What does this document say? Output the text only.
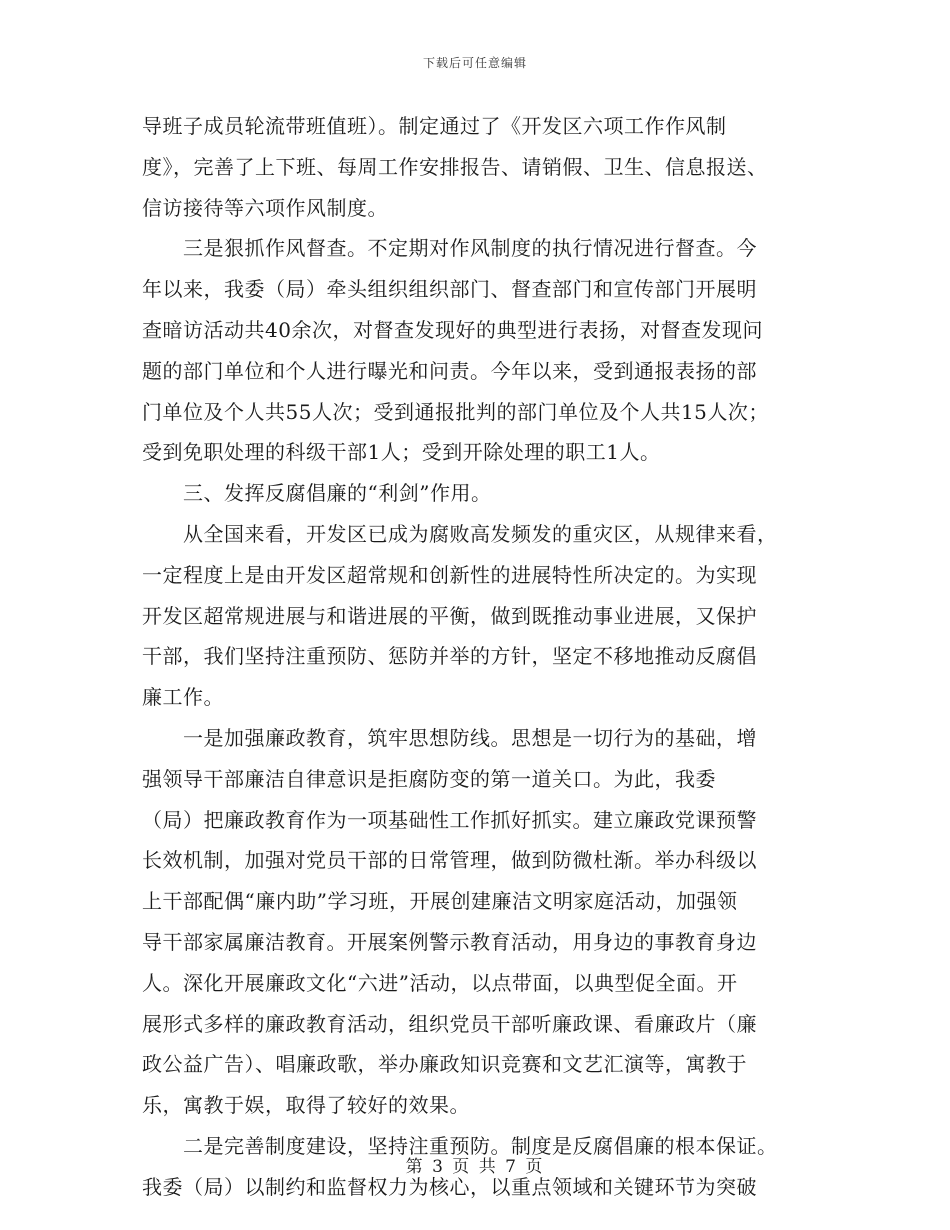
下载后可任意编辑
导班子成员轮流带班值班）。制定通过了《开发区六项工作作风制
度》，完善了上下班、每周工作安排报告、请销假、卫生、信息报送、
信访接待等六项作风制度。
　　三是狠抓作风督查。不定期对作风制度的执行情况进行督查。今
年以来，我委（局）牵头组织组织部门、督查部门和宣传部门开展明
查暗访活动共40余次，对督查发现好的典型进行表扬，对督查发现问
题的部门单位和个人进行曝光和问责。今年以来，受到通报表扬的部
门单位及个人共55人次；受到通报批判的部门单位及个人共15人次；
受到免职处理的科级干部1人；受到开除处理的职工1人。
　　三、发挥反腐倡廉的“利剑”作用。
　　从全国来看，开发区已成为腐败高发频发的重灾区，从规律来看，
一定程度上是由开发区超常规和创新性的进展特性所决定的。为实现
开发区超常规进展与和谐进展的平衡，做到既推动事业进展，又保护
干部，我们坚持注重预防、惩防并举的方针，坚定不移地推动反腐倡
廉工作。
　　一是加强廉政教育，筑牢思想防线。思想是一切行为的基础，增
强领导干部廉洁自律意识是拒腐防变的第一道关口。为此，我委
（局）把廉政教育作为一项基础性工作抓好抓实。建立廉政党课预警
长效机制，加强对党员干部的日常管理，做到防微杜渐。举办科级以
上干部配偶“廉内助”学习班，开展创建廉洁文明家庭活动，加强领
导干部家属廉洁教育。开展案例警示教育活动，用身边的事教育身边
人。深化开展廉政文化“六进”活动，以点带面，以典型促全面。开
展形式多样的廉政教育活动，组织党员干部听廉政课、看廉政片（廉
政公益广告）、唱廉政歌，举办廉政知识竞赛和文艺汇演等，寓教于
乐，寓教于娱，取得了较好的效果。
　　二是完善制度建设，坚持注重预防。制度是反腐倡廉的根本保证。
我委（局）以制约和监督权力为核心，以重点领域和关键环节为突破
第 3 页 共 7 页
